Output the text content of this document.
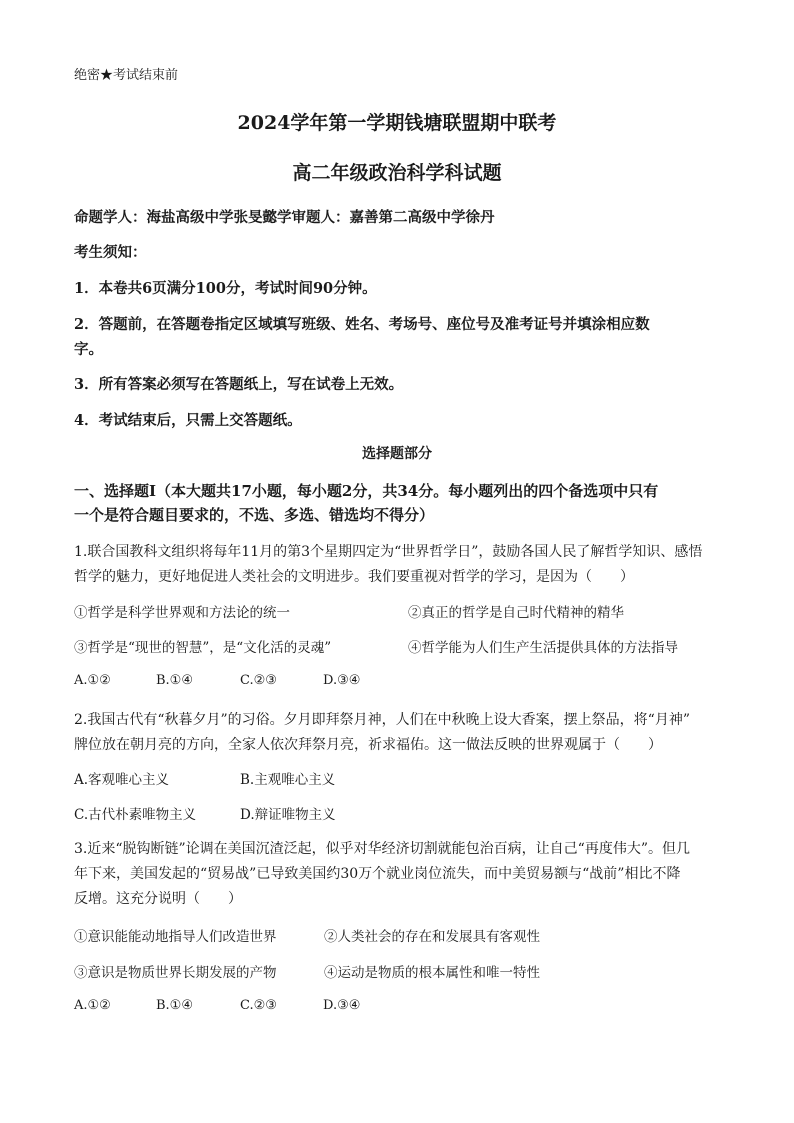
绝密★考试结束前
2024学年第一学期钱塘联盟期中联考
高二年级政治科学科试题
命题学人：海盐高级中学张旻懿学审题人：嘉善第二高级中学徐丹
考生须知：
1．本卷共6页满分100分，考试时间90分钟。
2．答题前，在答题卷指定区域填写班级、姓名、考场号、座位号及准考证号并填涂相应数
字。
3．所有答案必须写在答题纸上，写在试卷上无效。
4．考试结束后，只需上交答题纸。
选择题部分
一、选择题Ⅰ（本大题共17小题，每小题2分，共34分。每小题列出的四个备选项中只有
一个是符合题目要求的，不选、多选、错选均不得分）
1.联合国教科文组织将每年11月的第3个星期四定为“世界哲学日”，鼓励各国人民了解哲学知识、感悟
哲学的魅力，更好地促进人类社会的文明进步。我们要重视对哲学的学习，是因为（　　）
①哲学是科学世界观和方法论的统一	②真正的哲学是自己时代精神的精华
③哲学是“现世的智慧”，是“文化活的灵魂”	④哲学能为人们生产生活提供具体的方法指导
A.①②	B.①④	C.②③	D.③④
2.我国古代有“秋暮夕月”的习俗。夕月即拜祭月神，人们在中秋晚上设大香案，摆上祭品，将“月神”
牌位放在朝月亮的方向，全家人依次拜祭月亮，祈求福佑。这一做法反映的世界观属于（　　）
A.客观唯心主义	B.主观唯心主义
C.古代朴素唯物主义	D.辩证唯物主义
3.近来“脱钩断链”论调在美国沉渣泛起，似乎对华经济切割就能包治百病，让自己“再度伟大”。但几
年下来，美国发起的“贸易战”已导致美国约30万个就业岗位流失，而中美贸易额与“战前”相比不降
反增。这充分说明（　　）
①意识能能动地指导人们改造世界	②人类社会的存在和发展具有客观性
③意识是物质世界长期发展的产物	④运动是物质的根本属性和唯一特性
A.①②	B.①④	C.②③	D.③④
